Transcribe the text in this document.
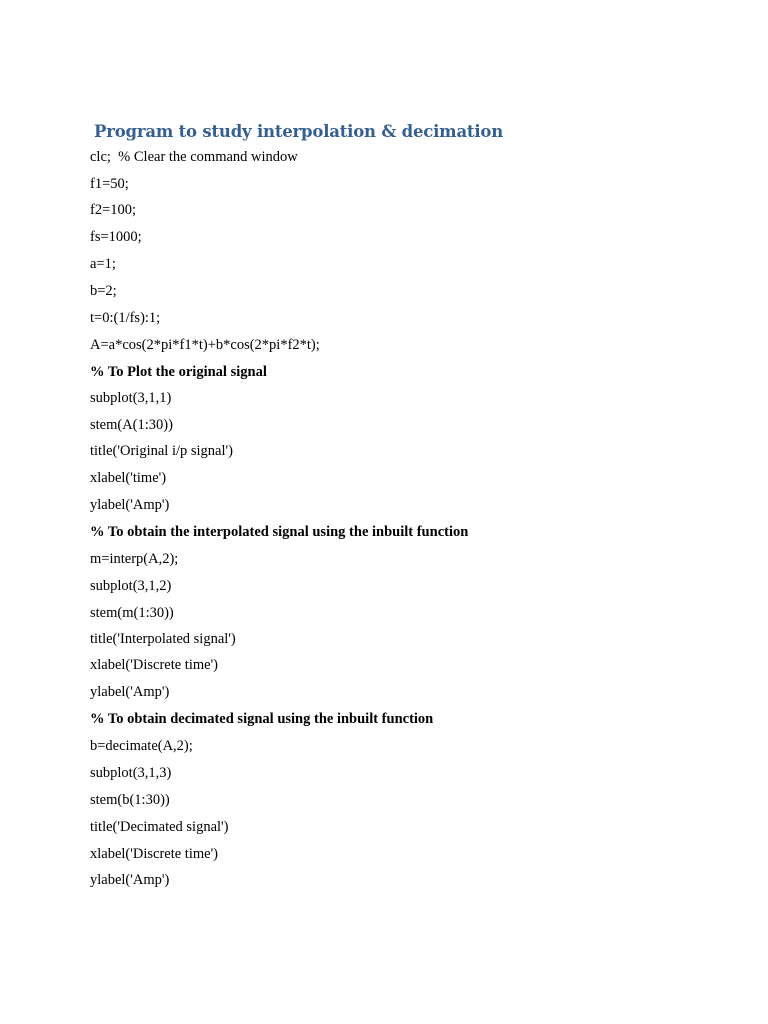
Program to study interpolation & decimation
clc;  % Clear the command window
f1=50;
f2=100;
fs=1000;
a=1;
b=2;
t=0:(1/fs):1;
A=a*cos(2*pi*f1*t)+b*cos(2*pi*f2*t);
% To Plot the original signal
subplot(3,1,1)
stem(A(1:30))
title('Original i/p signal')
xlabel('time')
ylabel('Amp')
% To obtain the interpolated signal using the inbuilt function
m=interp(A,2);
subplot(3,1,2)
stem(m(1:30))
title('Interpolated signal')
xlabel('Discrete time')
ylabel('Amp')
% To obtain decimated signal using the inbuilt function
b=decimate(A,2);
subplot(3,1,3)
stem(b(1:30))
title('Decimated signal')
xlabel('Discrete time')
ylabel('Amp')
